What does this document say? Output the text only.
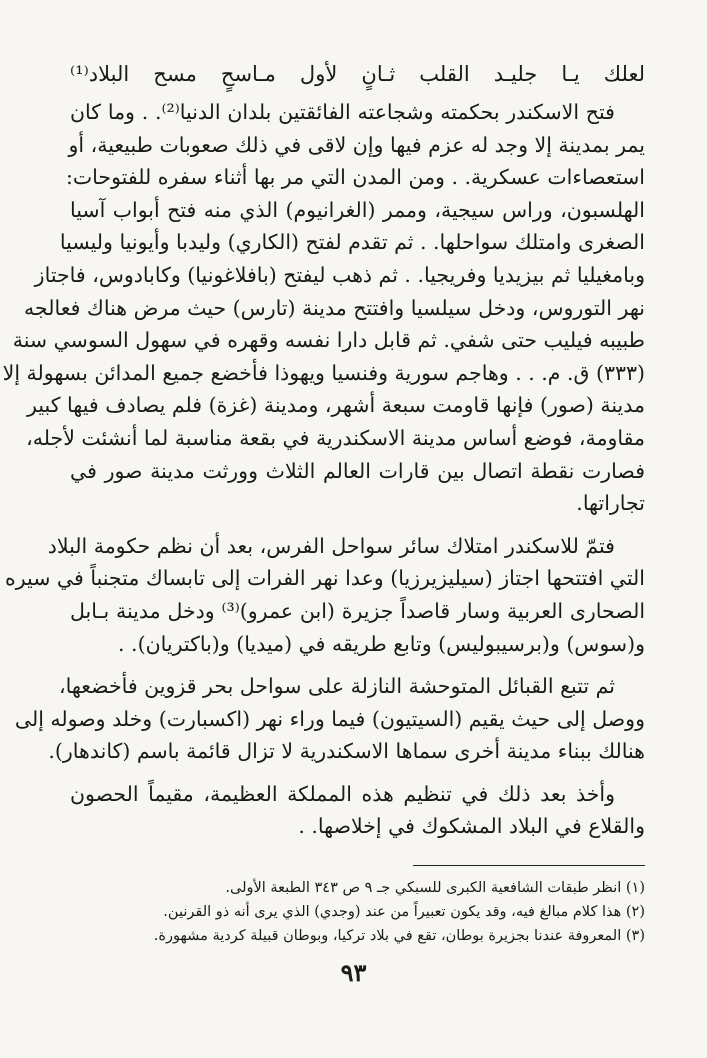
لعلك يـا جليـد القلب ثـانٍ لأول مـاسحٍ مسح البلاد⁽¹⁾

فتح الاسكندر بحكمته وشجاعته الفائقتين بلدان الدنيا⁽²⁾. . وما كان
يمر بمدينة إلا وجد له عزم فيها وإن لاقى في ذلك صعوبات طبيعية، أو
استعصاءات عسكرية. . ومن المدن التي مر بها أثناء سفره للفتوحات:
الهلسبون، وراس سيجية، وممر (الغرانيوم) الذي منه فتح أبواب آسيا
الصغرى وامتلك سواحلها. . ثم تقدم لفتح (الكاري) وليدبا وأيونيا وليسيا
وبامغيليا ثم بيزيديا وفريجيا. . ثم ذهب ليفتح (بافلاغونيا) وكابادوس، فاجتاز
نهر التوروس، ودخل سيلسيا وافتتح مدينة (تارس) حيث مرض هناك فعالجه
طبيبه فيليب حتى شفي. ثم قابل دارا نفسه وقهره في سهول السوسي سنة
(٣٣٣) ق. م. . . وهاجم سورية وفنسيا ويهوذا فأخضع جميع المدائن بسهولة إلا
مدينة (صور) فإنها قاومت سبعة أشهر، ومدينة (غزة) فلم يصادف فيها كبير
مقاومة، فوضع أساس مدينة الاسكندرية في بقعة مناسبة لما أنشئت لأجله،
فصارت نقطة اتصال بين قارات العالم الثلاث وورثت مدينة صور في
تجاراتها.

فتمّ للاسكندر امتلاك سائر سواحل الفرس، بعد أن نظم حكومة البلاد
التي افتتحها اجتاز (سيليزيرزيا) وعدا نهر الفرات إلى تابساك متجنباً في سيره
الصحارى العربية وسار قاصداً جزيرة (ابن عمرو)⁽³⁾ ودخل مدينة بـابل
و(سوس) و(برسيبوليس) وتابع طريقه في (ميديا) و(باكتريان). .

ثم تتبع القبائل المتوحشة النازلة على سواحل بحر قزوين فأخضعها،
ووصل إلى حيث يقيم (السيتيون) فيما وراء نهر (اكسبارت) وخلد وصوله إلى
هنالك ببناء مدينة أخرى سماها الاسكندرية لا تزال قائمة باسم (كاندهار).

وأخذ بعد ذلك في تنظيم هذه المملكة العظيمة، مقيماً الحصون
والقلاع في البلاد المشكوك في إخلاصها. .

(١) انظر طبقات الشافعية الكبرى للسبكي جـ ٩ ص ٣٤٣ الطبعة الأولى.

(٢) هذا كلام مبالغ فيه، وقد يكون تعبيراً من عند (وجدي) الذي يرى أنه ذو القرنين.

(٣) المعروفة عندنا بجزيرة بوطان، تقع في بلاد تركيا، وبوطان قبيلة كردية مشهورة.

٩٣
